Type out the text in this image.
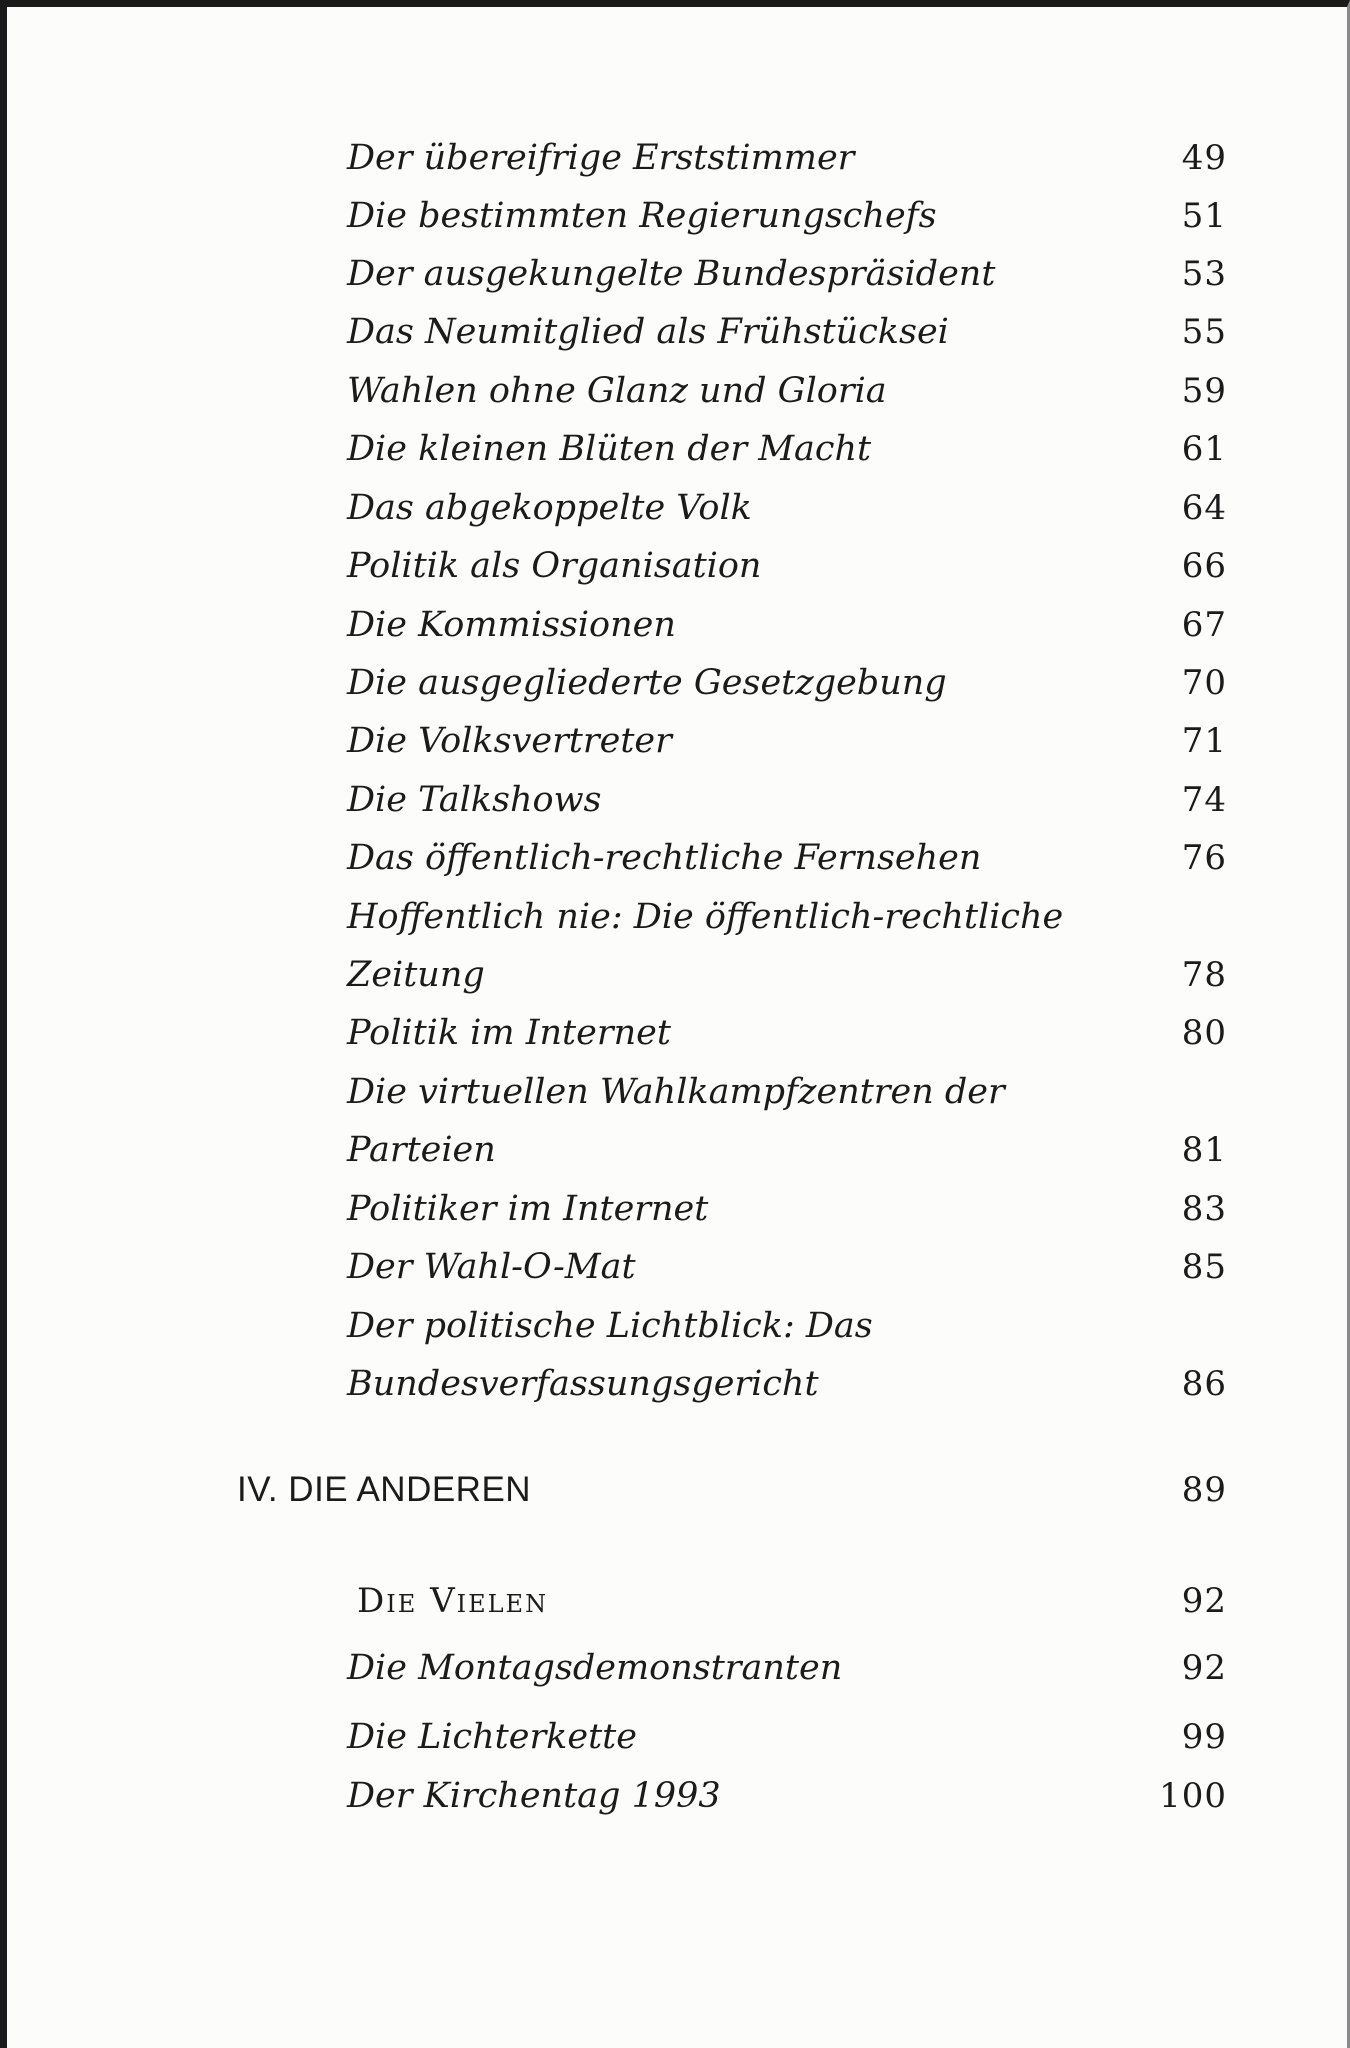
Der übereifrige Erststimmer	49
Die bestimmten Regierungschefs	51
Der ausgekungelte Bundespräsident	53
Das Neumitglied als Frühstücksei	55
Wahlen ohne Glanz und Gloria	59
Die kleinen Blüten der Macht	61
Das abgekoppelte Volk	64
Politik als Organisation	66
Die Kommissionen	67
Die ausgegliederte Gesetzgebung	70
Die Volksvertreter	71
Die Talkshows	74
Das öffentlich-rechtliche Fernsehen	76
Hoffentlich nie: Die öffentlich-rechtliche Zeitung	78
Politik im Internet	80
Die virtuellen Wahlkampfzentren der Parteien	81
Politiker im Internet	83
Der Wahl-O-Mat	85
Der politische Lichtblick: Das Bundesverfassungsgericht	86
IV. DIE ANDEREN	89
Die Vielen	92
Die Montagsdemonstranten	92
Die Lichterkette	99
Der Kirchentag 1993	100
